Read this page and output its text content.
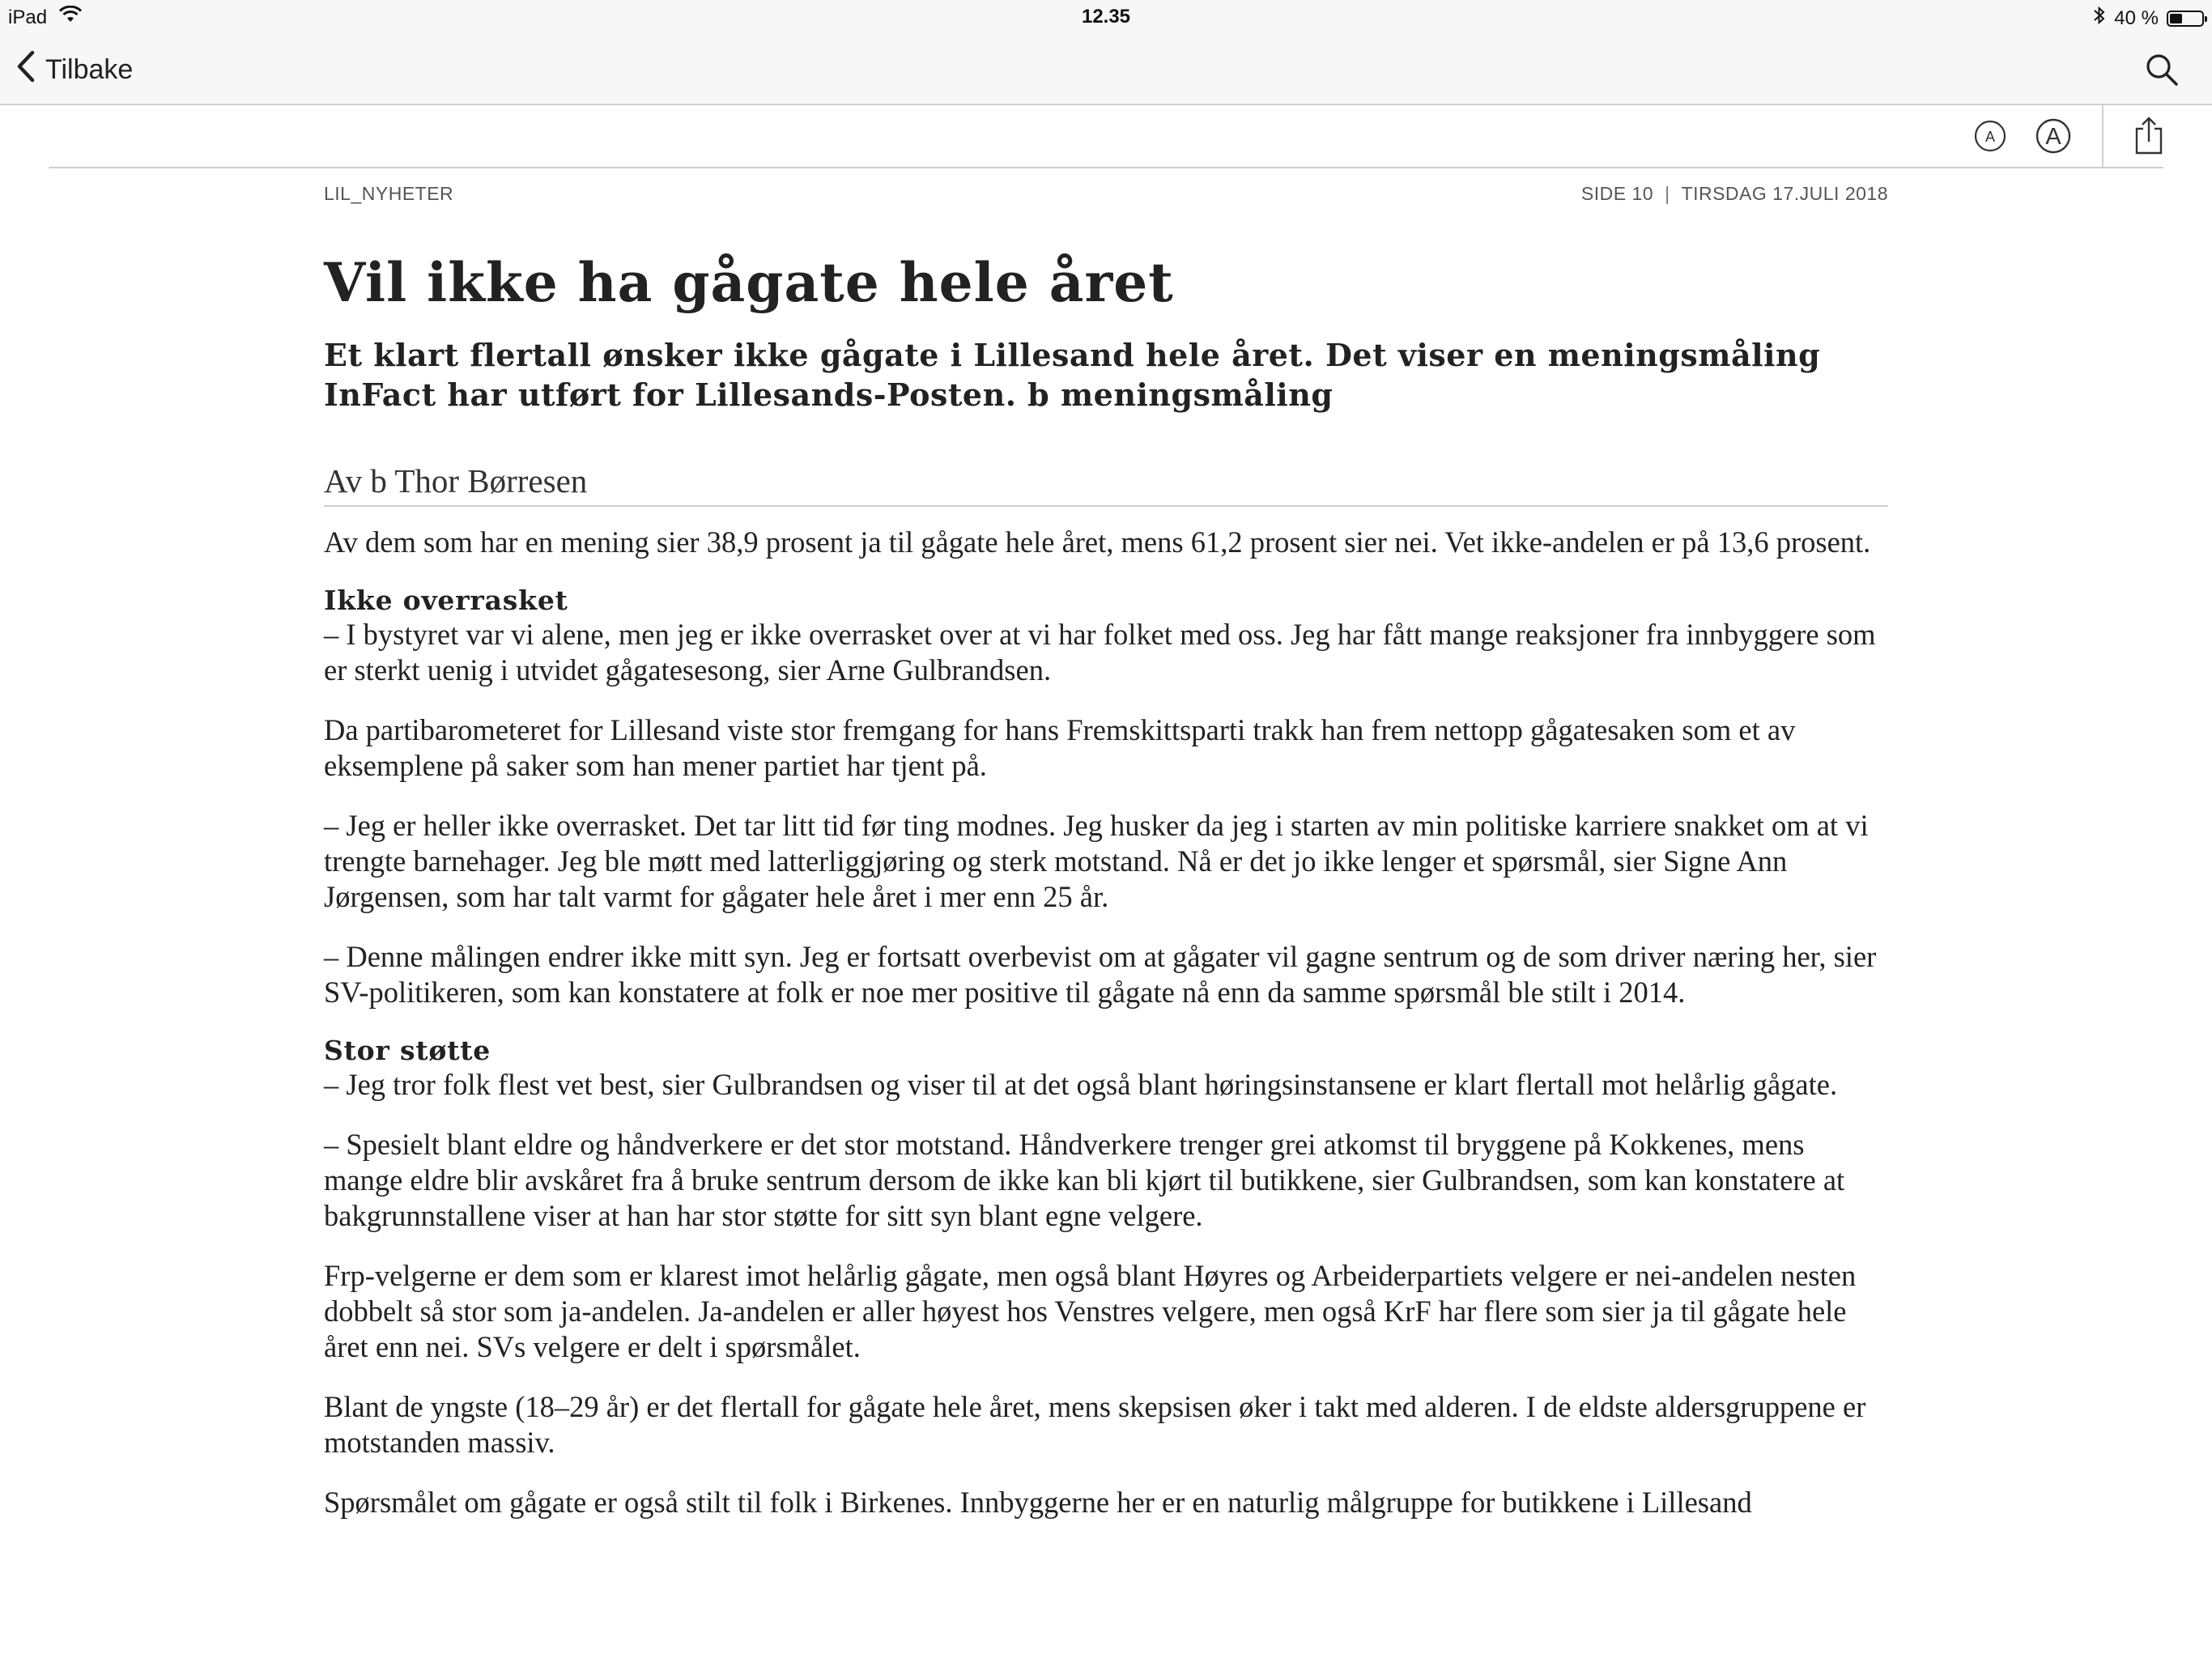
iPad	12.35	40 %
Tilbake
A A
LIL_NYHETER	SIDE 10 | TIRSDAG 17.JULI 2018
Vil ikke ha gågate hele året

Et klart flertall ønsker ikke gågate i Lillesand hele året. Det viser en meningsmåling InFact har utført for Lillesands-Posten. b meningsmåling

Av b Thor Børresen

Av dem som har en mening sier 38,9 prosent ja til gågate hele året, mens 61,2 prosent sier nei. Vet ikke-andelen er på 13,6 prosent.

Ikke overrasket

– I bystyret var vi alene, men jeg er ikke overrasket over at vi har folket med oss. Jeg har fått mange reaksjoner fra innbyggere som er sterkt uenig i utvidet gågatesesong, sier Arne Gulbrandsen.

Da partibarometeret for Lillesand viste stor fremgang for hans Fremskittsparti trakk han frem nettopp gågatesaken som et av eksemplene på saker som han mener partiet har tjent på.

– Jeg er heller ikke overrasket. Det tar litt tid før ting modnes. Jeg husker da jeg i starten av min politiske karriere snakket om at vi trengte barnehager. Jeg ble møtt med latterliggjøring og sterk motstand. Nå er det jo ikke lenger et spørsmål, sier Signe Ann Jørgensen, som har talt varmt for gågater hele året i mer enn 25 år.

– Denne målingen endrer ikke mitt syn. Jeg er fortsatt overbevist om at gågater vil gagne sentrum og de som driver næring her, sier SV-politikeren, som kan konstatere at folk er noe mer positive til gågate nå enn da samme spørsmål ble stilt i 2014.

Stor støtte

– Jeg tror folk flest vet best, sier Gulbrandsen og viser til at det også blant høringsinstansene er klart flertall mot helårlig gågate.

– Spesielt blant eldre og håndverkere er det stor motstand. Håndverkere trenger grei atkomst til bryggene på Kokkenes, mens mange eldre blir avskåret fra å bruke sentrum dersom de ikke kan bli kjørt til butikkene, sier Gulbrandsen, som kan konstatere at bakgrunnstallene viser at han har stor støtte for sitt syn blant egne velgere.

Frp-velgerne er dem som er klarest imot helårlig gågate, men også blant Høyres og Arbeiderpartiets velgere er nei-andelen nesten dobbelt så stor som ja-andelen. Ja-andelen er aller høyest hos Venstres velgere, men også KrF har flere som sier ja til gågate hele året enn nei. SVs velgere er delt i spørsmålet.

Blant de yngste (18–29 år) er det flertall for gågate hele året, mens skepsisen øker i takt med alderen. I de eldste aldersgruppene er motstanden massiv.

Spørsmålet om gågate er også stilt til folk i Birkenes. Innbyggerne her er en naturlig målgruppe for butikkene i Lillesand
